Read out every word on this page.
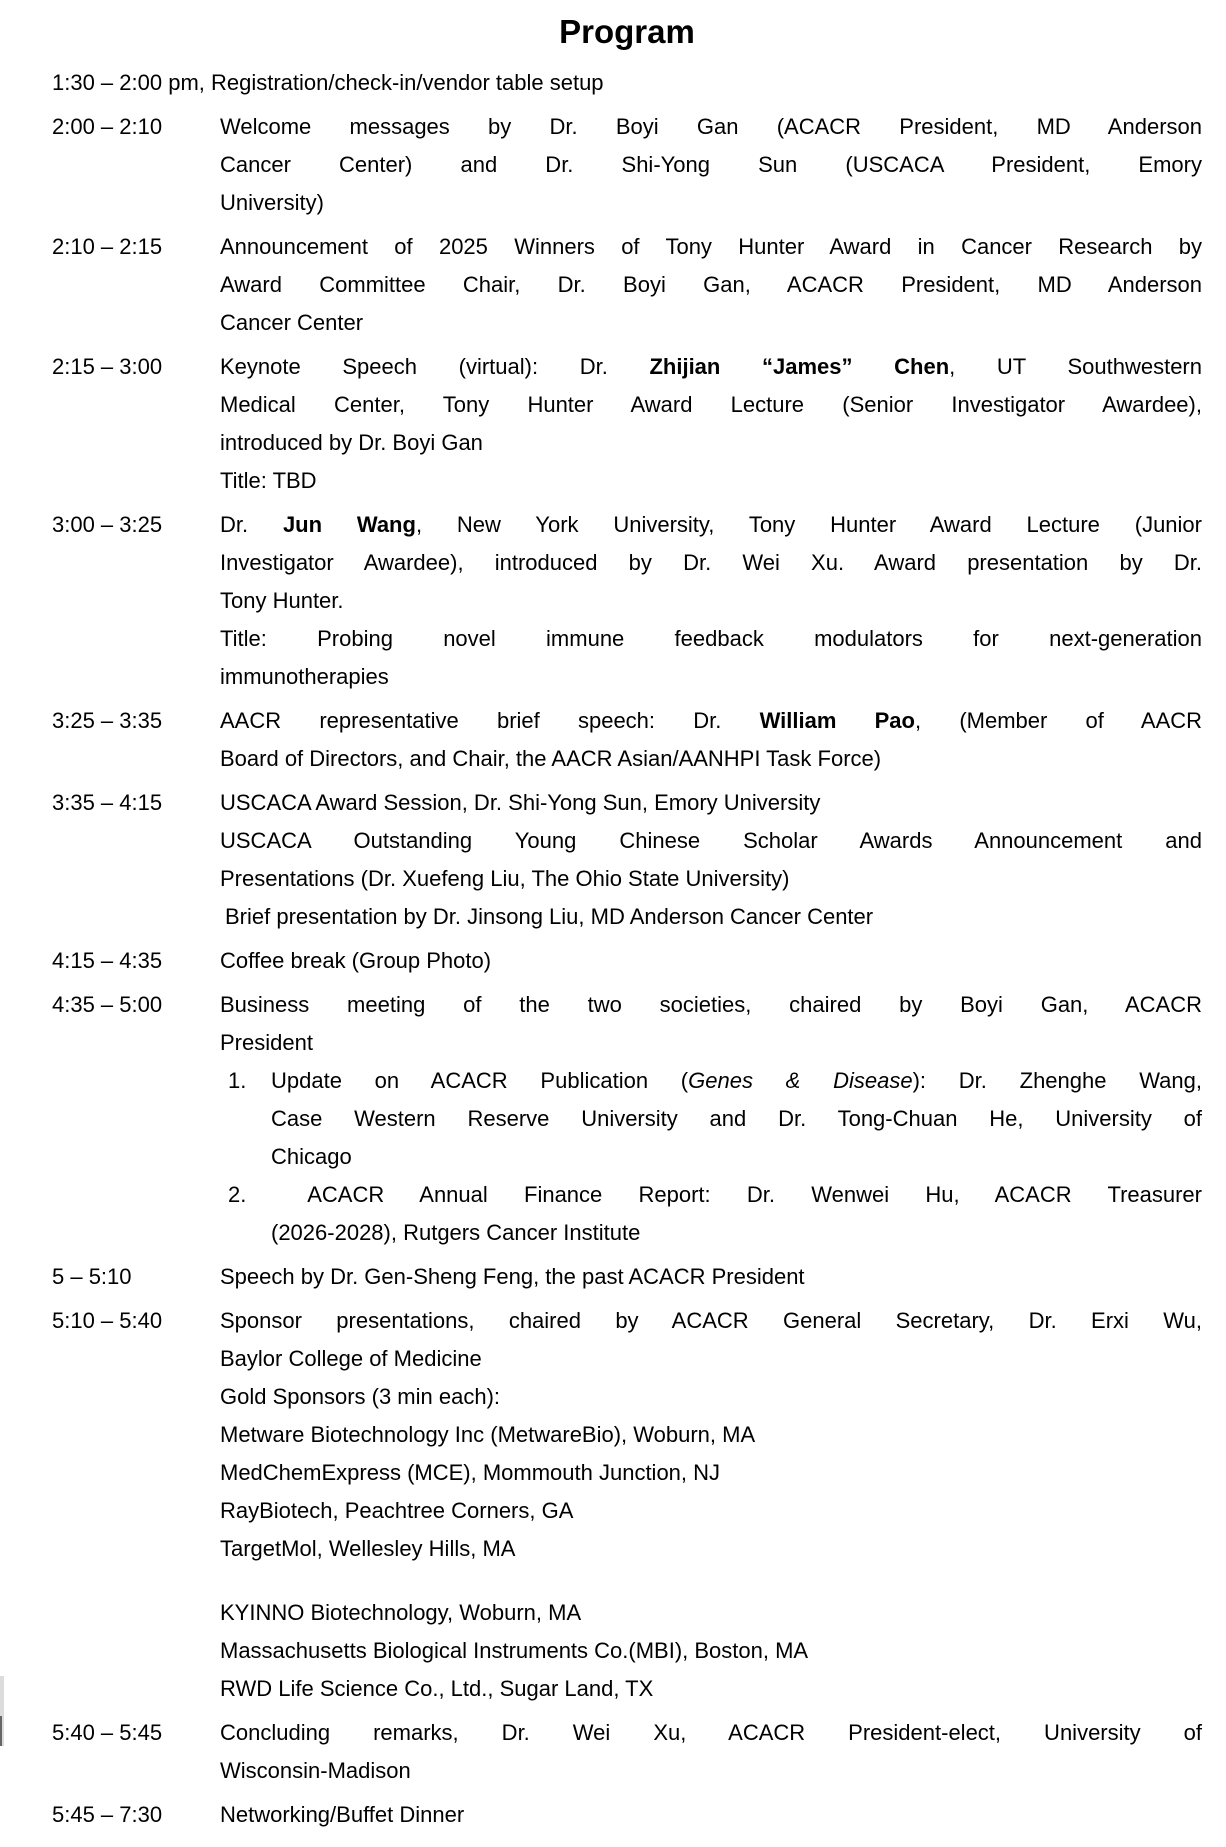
Program
1:30 – 2:00 pm, Registration/check-in/vendor table setup
2:00 – 2:10	Welcome messages by Dr. Boyi Gan (ACACR President, MD Anderson
Cancer Center) and Dr. Shi-Yong Sun (USCACA President, Emory
University)
2:10 – 2:15	Announcement of 2025 Winners of Tony Hunter Award in Cancer Research by
Award Committee Chair, Dr. Boyi Gan, ACACR President, MD Anderson
Cancer Center
2:15 – 3:00	Keynote Speech (virtual): Dr. Zhijian “James” Chen, UT Southwestern
Medical Center, Tony Hunter Award Lecture (Senior Investigator Awardee),
introduced by Dr. Boyi Gan
Title: TBD
3:00 – 3:25	Dr. Jun Wang, New York University, Tony Hunter Award Lecture (Junior
Investigator Awardee), introduced by Dr. Wei Xu. Award presentation by Dr.
Tony Hunter.
Title: Probing novel immune feedback modulators for next-generation
immunotherapies
3:25 – 3:35	AACR representative brief speech: Dr. William Pao, (Member of AACR
Board of Directors, and Chair, the AACR Asian/AANHPI Task Force)
3:35 – 4:15	USCACA Award Session, Dr. Shi-Yong Sun, Emory University
USCACA Outstanding Young Chinese Scholar Awards Announcement and
Presentations (Dr. Xuefeng Liu, The Ohio State University)
Brief presentation by Dr. Jinsong Liu, MD Anderson Cancer Center
4:15 – 4:35	Coffee break (Group Photo)
4:35 – 5:00	Business meeting of the two societies, chaired by Boyi Gan, ACACR
President
1.	Update on ACACR Publication (Genes & Disease): Dr. Zhenghe Wang,
Case Western Reserve University and Dr. Tong-Chuan He, University of
Chicago
2.	ACACR Annual Finance Report: Dr. Wenwei Hu, ACACR Treasurer
(2026-2028), Rutgers Cancer Institute
5 – 5:10	Speech by Dr. Gen-Sheng Feng, the past ACACR President
5:10 – 5:40	Sponsor presentations, chaired by ACACR General Secretary, Dr. Erxi Wu,
Baylor College of Medicine
Gold Sponsors (3 min each):
Metware Biotechnology Inc (MetwareBio), Woburn, MA
MedChemExpress (MCE), Mommouth Junction, NJ
RayBiotech, Peachtree Corners, GA
TargetMol, Wellesley Hills, MA
KYINNO Biotechnology, Woburn, MA
Massachusetts Biological Instruments Co.(MBI), Boston, MA
RWD Life Science Co., Ltd., Sugar Land, TX
5:40 – 5:45	Concluding remarks, Dr. Wei Xu, ACACR President-elect, University of
Wisconsin-Madison
5:45 – 7:30	Networking/Buffet Dinner
